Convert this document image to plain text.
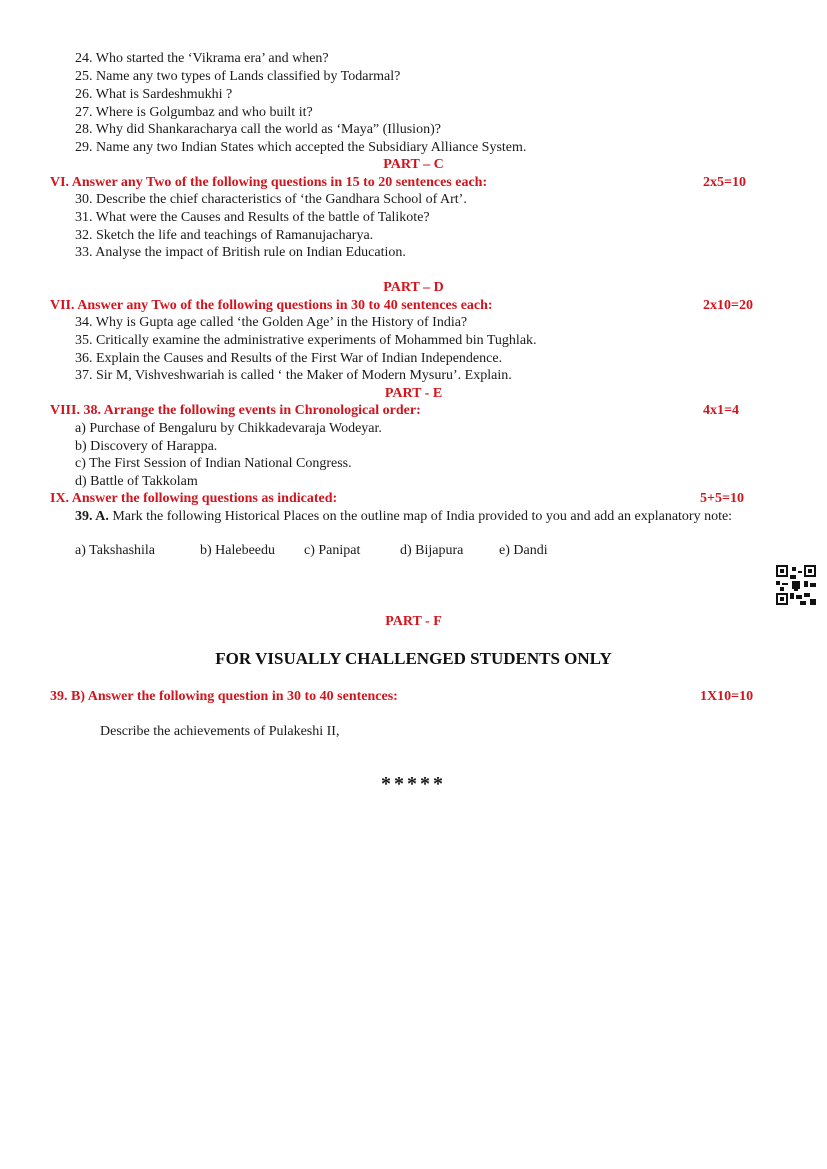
24. Who started the ‘Vikrama era’ and when?
25. Name any two types of Lands classified by Todarmal?
26. What is Sardeshmukhi ?
27. Where is Golgumbaz and who built it?
28. Why did Shankaracharya call the world as ‘Maya” (Illusion)?
29. Name any two Indian States which accepted the Subsidiary Alliance System.
PART – C
VI. Answer any Two of the following questions in 15 to 20 sentences each:	2x5=10
30. Describe the chief characteristics of ‘the Gandhara School of Art’.
31. What were the Causes and Results of the battle of Talikote?
32. Sketch the life and teachings of Ramanujacharya.
33. Analyse the impact of British rule on Indian Education.
PART – D
VII. Answer any Two of the following questions in 30 to 40 sentences each:	2x10=20
34. Why is Gupta age called ‘the Golden Age’ in the History of India?
35. Critically examine the administrative experiments of Mohammed bin Tughlak.
36. Explain the Causes and Results of the First War of Indian Independence.
37. Sir M, Vishveshwariah is called ‘ the Maker of Modern Mysuru’. Explain.
PART - E
VIII. 38. Arrange the following events in Chronological order:	4x1=4
a) Purchase of Bengaluru by Chikkadevaraja Wodeyar.
b) Discovery of Harappa.
c) The First Session of Indian National Congress.
d) Battle of Takkolam
IX. Answer the following questions as indicated:	5+5=10
39. A. Mark the following Historical Places on the outline map of India provided to you and add an explanatory note:
a) Takshashila	b) Halebeedu c) Panipat	d) Bijapura	e) Dandi
PART - F
FOR VISUALLY CHALLENGED STUDENTS ONLY
39. B) Answer the following question in 30 to 40 sentences:	1X10=10
Describe the achievements of Pulakeshi II,
*****
